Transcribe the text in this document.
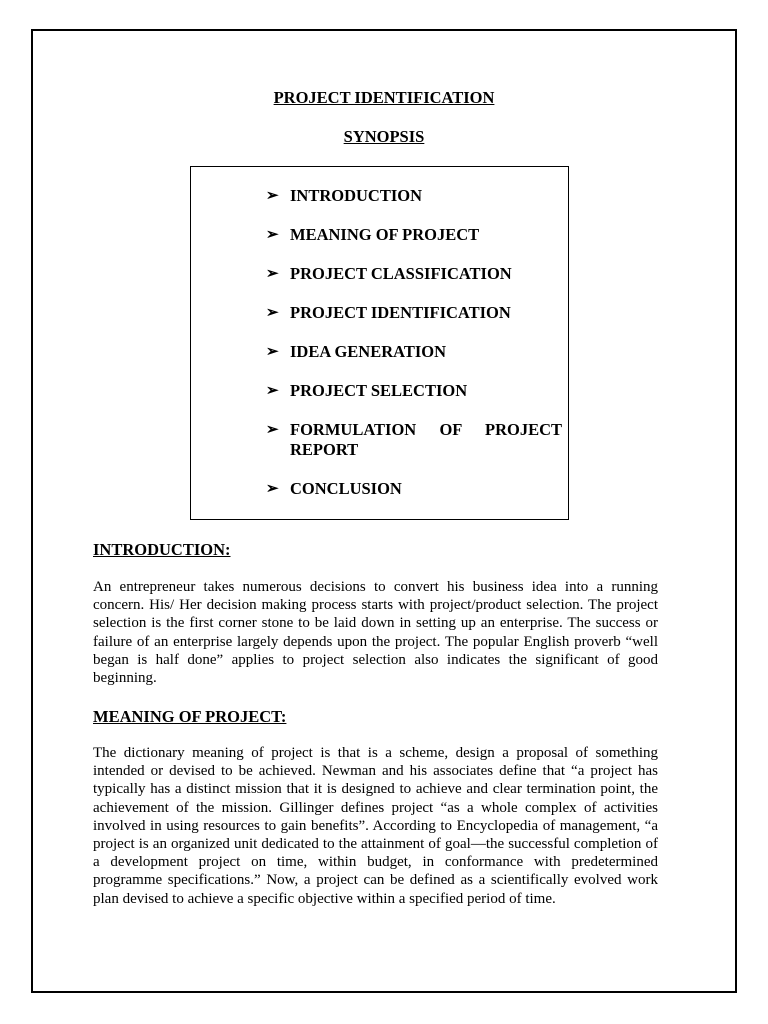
PROJECT IDENTIFICATION
SYNOPSIS
➢ INTRODUCTION
➢ MEANING OF PROJECT
➢ PROJECT CLASSIFICATION
➢ PROJECT IDENTIFICATION
➢ IDEA GENERATION
➢ PROJECT SELECTION
➢ FORMULATION OF PROJECT REPORT
➢ CONCLUSION
INTRODUCTION:

An entrepreneur takes numerous decisions to convert his business idea into a running concern. His/ Her decision making process starts with project/product selection. The project selection is the first corner stone to be laid down in setting up an enterprise. The success or failure of an enterprise largely depends upon the project. The popular English proverb “well began is half done” applies to project selection also indicates the significant of good beginning.

MEANING OF PROJECT:

The dictionary meaning of project is that is a scheme, design a proposal of something intended or devised to be achieved. Newman and his associates define that “a project has typically has a distinct mission that it is designed to achieve and clear termination point, the achievement of the mission. Gillinger defines project “as a whole complex of activities involved in using resources to gain benefits”. According to Encyclopedia of management, “a project is an organized unit dedicated to the attainment of goal—the successful completion of a development project on time, within budget, in conformance with predetermined programme specifications.” Now, a project can be defined as a scientifically evolved work plan devised to achieve a specific objective within a specified period of time.
